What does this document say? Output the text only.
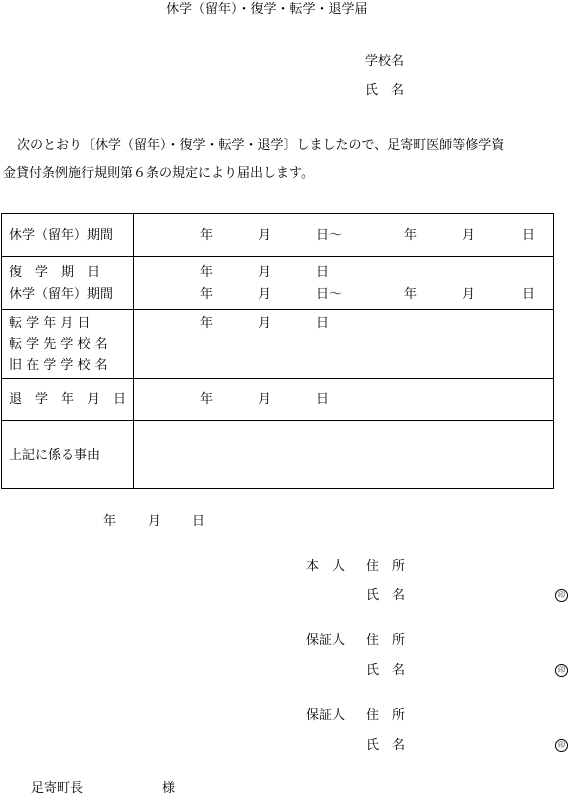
休学（留年）・復学・転学・退学届
学校名
氏　名
次のとおり〔休学（留年）・復学・転学・退学〕しましたので、足寄町医師等修学資
金貸付条例施行規則第６条の規定により届出します。
休学（留年）期間	年	月	日～	年	月	日
復　学　期　日	年	月	日
休学（留年）期間	年	月	日～	年	月	日
転 学 年 月 日	年	月	日
転 学 先 学 校 名
旧 在 学 学 校 名
退　学　年　月　日	年	月	日
上記に係る事由
年 月 日
本　人 住　所
氏　名	印
保証人 住　所
氏　名	印
保証人 住　所
氏　名	印
足寄町長	様
